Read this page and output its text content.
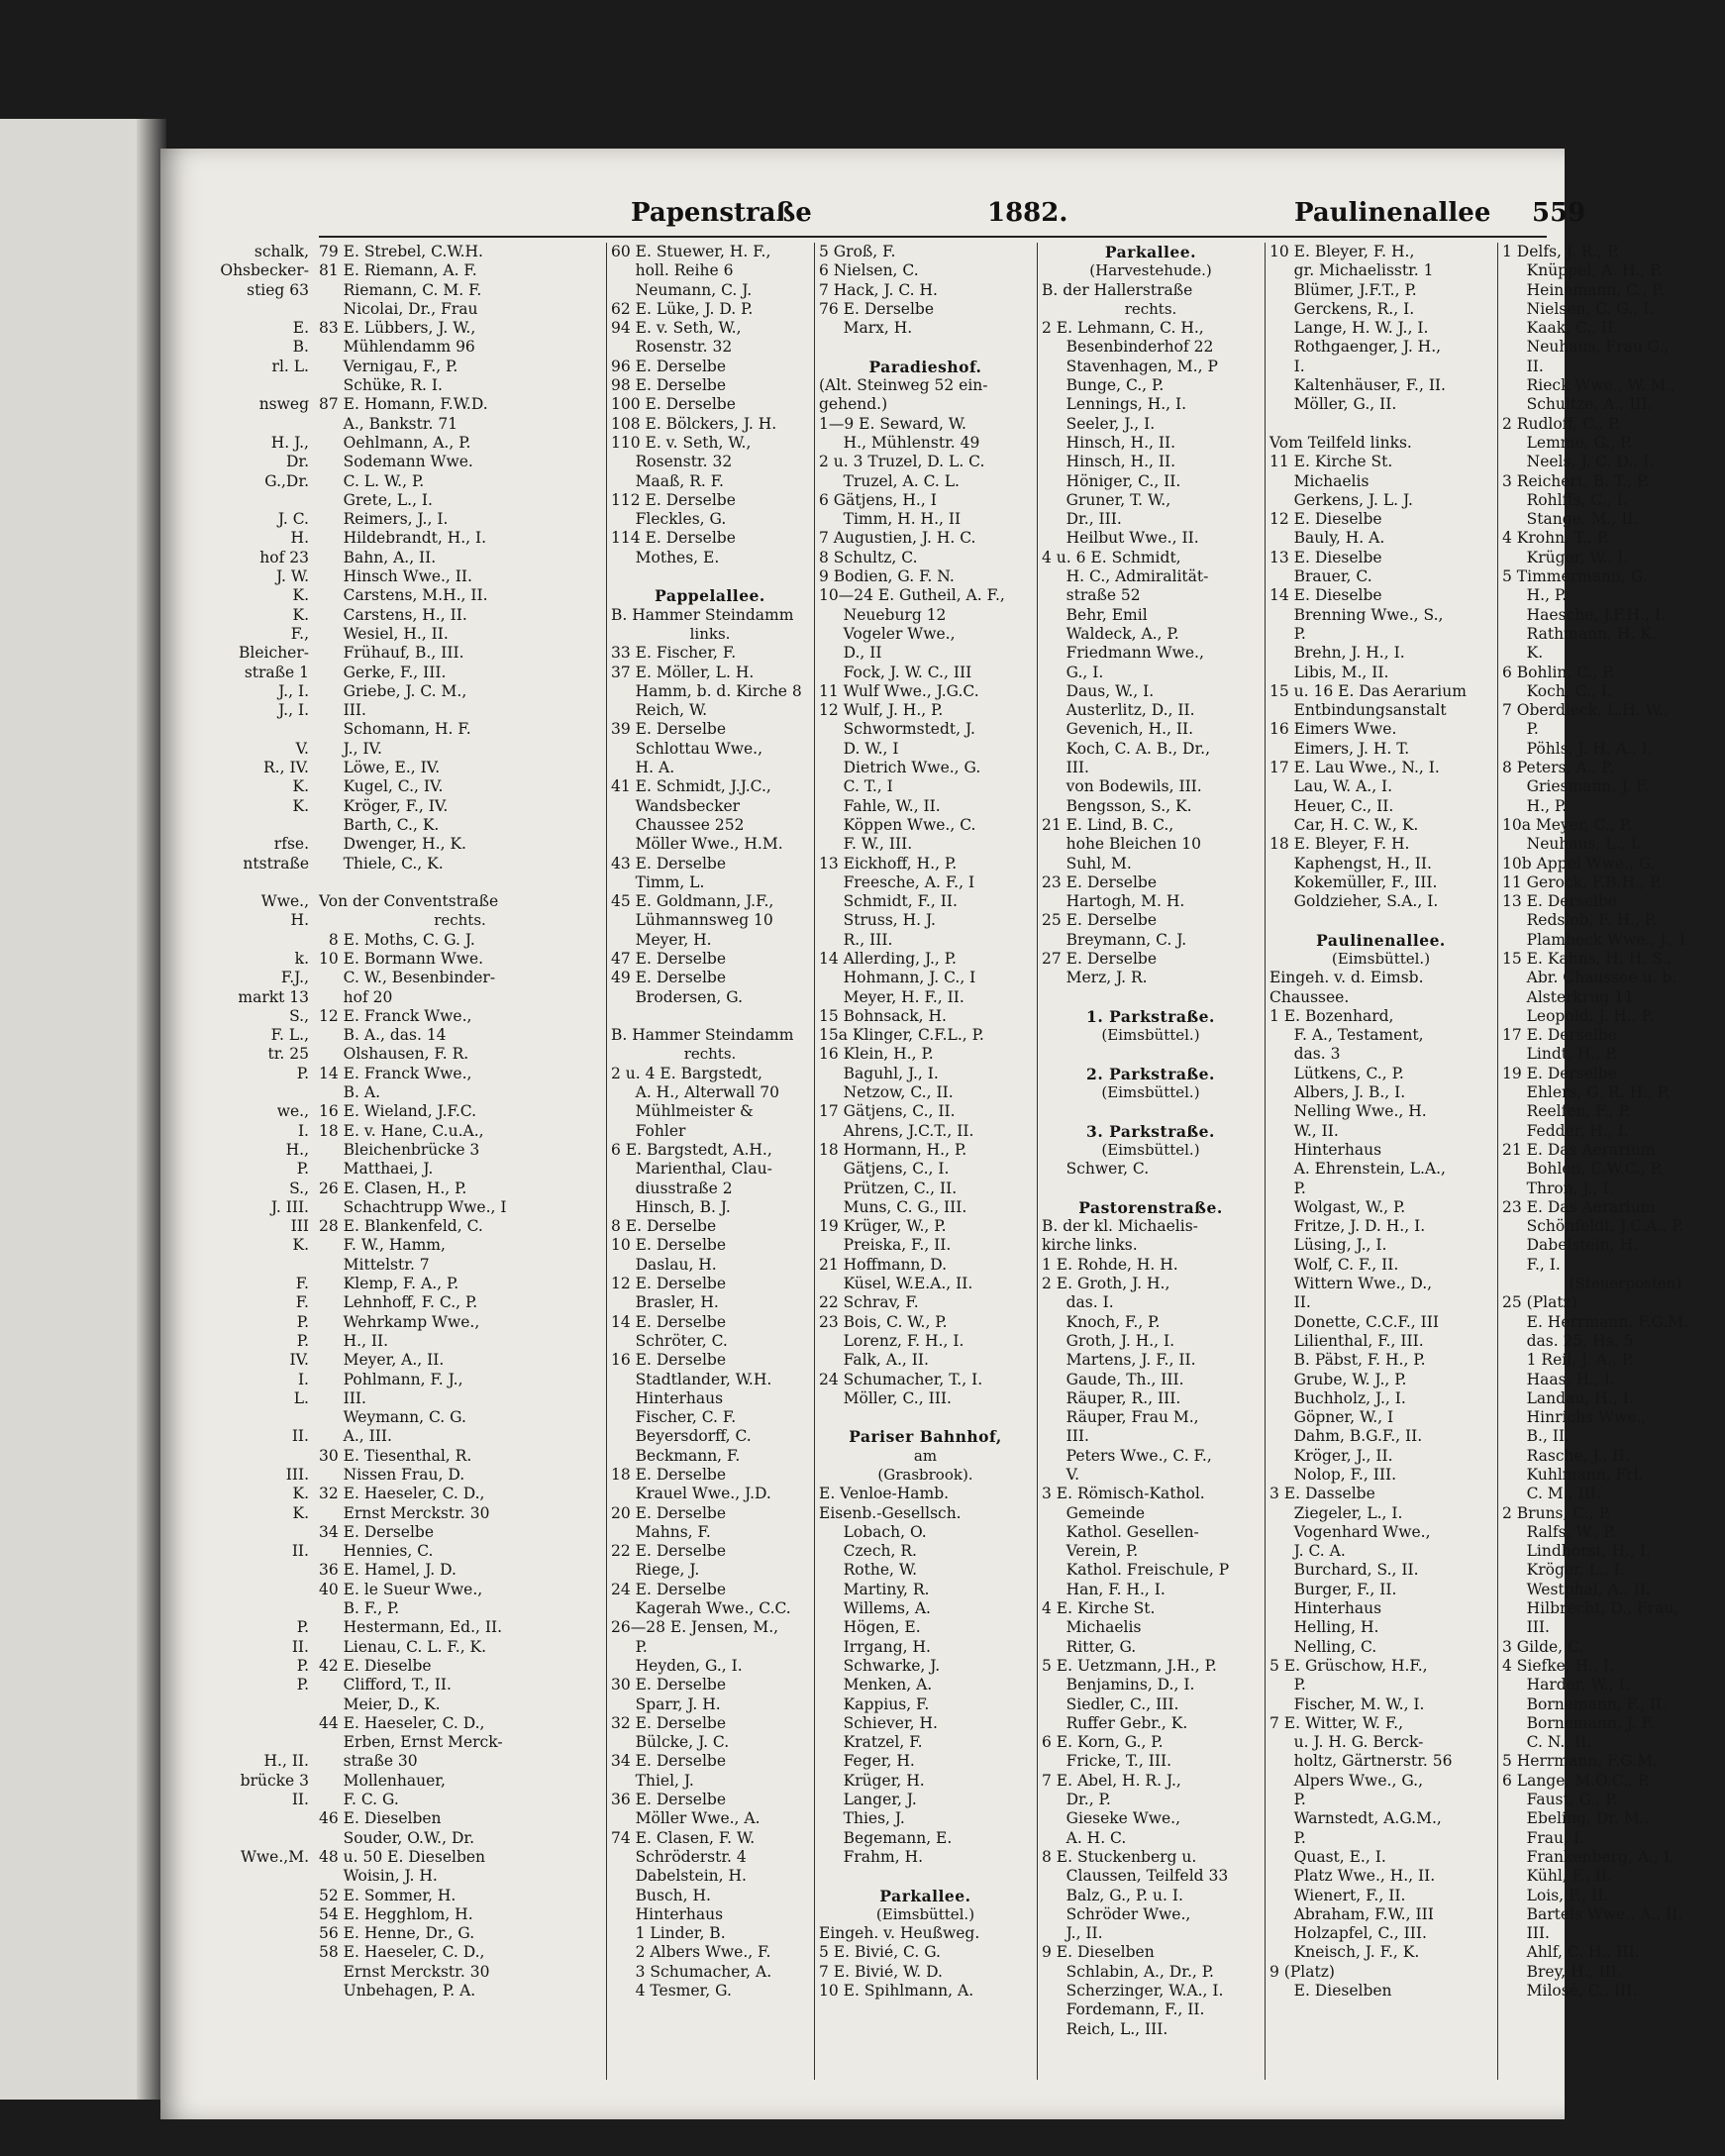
Papenstraße	1882.	Paulinenallee 559
schalk,
Ohsbecker-
stieg 63

E.
B.
rl. L.

nsweg

H. J.,
Dr.
G.,Dr.

J. C.
H.
hof 23
J. W.
K.
K.
F.,
Bleicher-
straße 1
J., I.
J., I.

V.
R., IV.
K.
K.

rfse.
ntstraße

Wwe.,
H.

k.
F.J.,
markt 13
S.,
F. L.,
tr. 25
P.

we.,
I.
H.,
P.
S.,
J. III.
III
K.

F.
F.
P.
P.
IV.
I.
L.

II.

III.
K.
K.

II.

P.
II.
P.
P.

H., II.
brücke 3
II.

Wwe.,M.
79 E. Strebel, C.W.H.
81 E. Riemann, A. F.
Riemann, C. M. F.
Nicolai, Dr., Frau
83 E. Lübbers, J. W.,
Mühlendamm 96
Vernigau, F., P.
Schüke, R. I.
87 E. Homann, F.W.D.
A., Bankstr. 71
Oehlmann, A., P.
Sodemann Wwe.
C. L. W., P.
Grete, L., I.
Reimers, J., I.
Hildebrandt, H., I.
Bahn, A., II.
Hinsch Wwe., II.
Carstens, M.H., II.
Carstens, H., II.
Wesiel, H., II.
Frühauf, B., III.
Gerke, F., III.
Griebe, J. C. M.,
III.
Schomann, H. F.
J., IV.
Löwe, E., IV.
Kugel, C., IV.
Kröger, F., IV.
Barth, C., K.
Dwenger, H., K.
Thiele, C., K.

Von der Conventstraße
rechts.
8 E. Moths, C. G. J.
10 E. Bormann Wwe.
C. W., Besenbinder-
hof 20
12 E. Franck Wwe.,
B. A., das. 14
Olshausen, F. R.
14 E. Franck Wwe.,
B. A.
16 E. Wieland, J.F.C.
18 E. v. Hane, C.u.A.,
Bleichenbrücke 3
Matthaei, J.
26 E. Clasen, H., P.
Schachtrupp Wwe., I
28 E. Blankenfeld, C.
F. W., Hamm,
Mittelstr. 7
Klemp, F. A., P.
Lehnhoff, F. C., P.
Wehrkamp Wwe.,
H., II.
Meyer, A., II.
Pohlmann, F. J.,
III.
Weymann, C. G.
A., III.
30 E. Tiesenthal, R.
Nissen Frau, D.
32 E. Haeseler, C. D.,
Ernst Merckstr. 30
34 E. Derselbe
Hennies, C.
36 E. Hamel, J. D.
40 E. le Sueur Wwe.,
B. F., P.
Hestermann, Ed., II.
Lienau, C. L. F., K.
42 E. Dieselbe
Clifford, T., II.
Meier, D., K.
44 E. Haeseler, C. D.,
Erben, Ernst Merck-
straße 30
Mollenhauer,
F. C. G.
46 E. Dieselben
Souder, O.W., Dr.
48 u. 50 E. Dieselben
Woisin, J. H.
52 E. Sommer, H.
54 E. Hegghlom, H.
56 E. Henne, Dr., G.
58 E. Haeseler, C. D.,
Ernst Merckstr. 30
Unbehagen, P. A.
60 E. Stuewer, H. F.,
holl. Reihe 6
Neumann, C. J.
62 E. Lüke, J. D. P.
94 E. v. Seth, W.,
Rosenstr. 32
96 E. Derselbe
98 E. Derselbe
100 E. Derselbe
108 E. Bölckers, J. H.
110 E. v. Seth, W.,
Rosenstr. 32
Maaß, R. F.
112 E. Derselbe
Fleckles, G.
114 E. Derselbe
Mothes, E.

Pappelallee.
B. Hammer Steindamm
links.
33 E. Fischer, F.
37 E. Möller, L. H.
Hamm, b. d. Kirche 8
Reich, W.
39 E. Derselbe
Schlottau Wwe.,
H. A.
41 E. Schmidt, J.J.C.,
Wandsbecker
Chaussee 252
Möller Wwe., H.M.
43 E. Derselbe
Timm, L.
45 E. Goldmann, J.F.,
Lühmannsweg 10
Meyer, H.
47 E. Derselbe
49 E. Derselbe
Brodersen, G.

B. Hammer Steindamm
rechts.
2 u. 4 E. Bargstedt,
A. H., Alterwall 70
Mühlmeister &
Fohler
6 E. Bargstedt, A.H.,
Marienthal, Clau-
diusstraße 2
Hinsch, B. J.
8 E. Derselbe
10 E. Derselbe
Daslau, H.
12 E. Derselbe
Brasler, H.
14 E. Derselbe
Schröter, C.
16 E. Derselbe
Stadtlander, W.H.
Hinterhaus
Fischer, C. F.
Beyersdorff, C.
Beckmann, F.
18 E. Derselbe
Krauel Wwe., J.D.
20 E. Derselbe
Mahns, F.
22 E. Derselbe
Riege, J.
24 E. Derselbe
Kagerah Wwe., C.C.
26—28 E. Jensen, M.,
P.
Heyden, G., I.
30 E. Derselbe
Sparr, J. H.
32 E. Derselbe
Bülcke, J. C.
34 E. Derselbe
Thiel, J.
36 E. Derselbe
Möller Wwe., A.
74 E. Clasen, F. W.
Schröderstr. 4
Dabelstein, H.
Busch, H.
Hinterhaus
1 Linder, B.
2 Albers Wwe., F.
3 Schumacher, A.
4 Tesmer, G.
5 Groß, F.
6 Nielsen, C.
7 Hack, J. C. H.
76 E. Derselbe
Marx, H.

Paradieshof.
(Alt. Steinweg 52 ein-
gehend.)
1—9 E. Seward, W.
H., Mühlenstr. 49
2 u. 3 Truzel, D. L. C.
Truzel, A. C. L.
6 Gätjens, H., I
Timm, H. H., II
7 Augustien, J. H. C.
8 Schultz, C.
9 Bodien, G. F. N.
10—24 E. Gutheil, A. F.,
Neueburg 12
Vogeler Wwe.,
D., II
Fock, J. W. C., III
11 Wulf Wwe., J.G.C.
12 Wulf, J. H., P.
Schwormstedt, J.
D. W., I
Dietrich Wwe., G.
C. T., I
Fahle, W., II.
Köppen Wwe., C.
F. W., III.
13 Eickhoff, H., P.
Freesche, A. F., I
Schmidt, F., II.
Struss, H. J.
R., III.
14 Allerding, J., P.
Hohmann, J. C., I
Meyer, H. F., II.
15 Bohnsack, H.
15a Klinger, C.F.L., P.
16 Klein, H., P.
Baguhl, J., I.
Netzow, C., II.
17 Gätjens, C., II.
Ahrens, J.C.T., II.
18 Hormann, H., P.
Gätjens, C., I.
Prützen, C., II.
Muns, C. G., III.
19 Krüger, W., P.
Preiska, F., II.
21 Hoffmann, D.
Küsel, W.E.A., II.
22 Schrav, F.
23 Bois, C. W., P.
Lorenz, F. H., I.
Falk, A., II.
24 Schumacher, T., I.
Möller, C., III.

Pariser Bahnhof,
am
(Grasbrook).
E. Venloe-Hamb.
Eisenb.-Gesellsch.
Lobach, O.
Czech, R.
Rothe, W.
Martiny, R.
Willems, A.
Högen, E.
Irrgang, H.
Schwarke, J.
Menken, A.
Kappius, F.
Schiever, H.
Kratzel, F.
Feger, H.
Krüger, H.
Langer, J.
Thies, J.
Begemann, E.
Frahm, H.

Parkallee.
(Eimsbüttel.)
Eingeh. v. Heußweg.
5 E. Bivié, C. G.
7 E. Bivié, W. D.
10 E. Spihlmann, A.
Parkallee.
(Harvestehude.)
B. der Hallerstraße
rechts.
2 E. Lehmann, C. H.,
Besenbinderhof 22
Stavenhagen, M., P
Bunge, C., P.
Lennings, H., I.
Seeler, J., I.
Hinsch, H., II.
Hinsch, H., II.
Höniger, C., II.
Gruner, T. W.,
Dr., III.
Heilbut Wwe., II.
4 u. 6 E. Schmidt,
H. C., Admiralität-
straße 52
Behr, Emil
Waldeck, A., P.
Friedmann Wwe.,
G., I.
Daus, W., I.
Austerlitz, D., II.
Gevenich, H., II.
Koch, C. A. B., Dr.,
III.
von Bodewils, III.
Bengsson, S., K.
21 E. Lind, B. C.,
hohe Bleichen 10
Suhl, M.
23 E. Derselbe
Hartogh, M. H.
25 E. Derselbe
Breymann, C. J.
27 E. Derselbe
Merz, J. R.

1. Parkstraße.
(Eimsbüttel.)

2. Parkstraße.
(Eimsbüttel.)

3. Parkstraße.
(Eimsbüttel.)
Schwer, C.

Pastorenstraße.
B. der kl. Michaelis-
kirche links.
1 E. Rohde, H. H.
2 E. Groth, J. H.,
das. I.
Knoch, F., P.
Groth, J. H., I.
Martens, J. F., II.
Gaude, Th., III.
Räuper, R., III.
Räuper, Frau M.,
III.
Peters Wwe., C. F.,
V.
3 E. Römisch-Kathol.
Gemeinde
Kathol. Gesellen-
Verein, P.
Kathol. Freischule, P
Han, F. H., I.
4 E. Kirche St.
Michaelis
Ritter, G.
5 E. Uetzmann, J.H., P.
Benjamins, D., I.
Siedler, C., III.
Ruffer Gebr., K.
6 E. Korn, G., P.
Fricke, T., III.
7 E. Abel, H. R. J.,
Dr., P.
Gieseke Wwe.,
A. H. C.
8 E. Stuckenberg u.
Claussen, Teilfeld 33
Balz, G., P. u. I.
Schröder Wwe.,
J., II.
9 E. Dieselben
Schlabin, A., Dr., P.
Scherzinger, W.A., I.
Fordemann, F., II.
Reich, L., III.
10 E. Bleyer, F. H.,
gr. Michaelisstr. 1
Blümer, J.F.T., P.
Gerckens, R., I.
Lange, H. W. J., I.
Rothgaenger, J. H.,
I.
Kaltenhäuser, F., II.
Möller, G., II.

Vom Teilfeld links.
11 E. Kirche St.
Michaelis
Gerkens, J. L. J.
12 E. Dieselbe
Bauly, H. A.
13 E. Dieselbe
Brauer, C.
14 E. Dieselbe
Brenning Wwe., S.,
P.
Brehn, J. H., I.
Libis, M., II.
15 u. 16 E. Das Aerarium
Entbindungsanstalt
16 Eimers Wwe.
Eimers, J. H. T.
17 E. Lau Wwe., N., I.
Lau, W. A., I.
Heuer, C., II.
Car, H. C. W., K.
18 E. Bleyer, F. H.
Kaphengst, H., II.
Kokemüller, F., III.
Goldzieher, S.A., I.

Paulinenallee.
(Eimsbüttel.)
Eingeh. v. d. Eimsb.
Chaussee.
1 E. Bozenhard,
F. A., Testament,
das. 3
Lütkens, C., P.
Albers, J. B., I.
Nelling Wwe., H.
W., II.
Hinterhaus
A. Ehrenstein, L.A.,
P.
Wolgast, W., P.
Fritze, J. D. H., I.
Lüsing, J., I.
Wolf, C. F., II.
Wittern Wwe., D.,
II.
Donette, C.C.F., III
Lilienthal, F., III.
B. Päbst, F. H., P.
Grube, W. J., P.
Buchholz, J., I.
Göpner, W., I
Dahm, B.G.F., II.
Kröger, J., II.
Nolop, F., III.
3 E. Dasselbe
Ziegeler, L., I.
Vogenhard Wwe.,
J. C. A.
Burchard, S., II.
Burger, F., II.
Hinterhaus
Helling, H.
Nelling, C.
5 E. Grüschow, H.F.,
P.
Fischer, M. W., I.
7 E. Witter, W. F.,
u. J. H. G. Berck-
holtz, Gärtnerstr. 56
Alpers Wwe., G.,
P.
Warnstedt, A.G.M.,
P.
Quast, E., I.
Platz Wwe., H., II.
Wienert, F., II.
Abraham, F.W., III
Holzapfel, C., III.
Kneisch, J. F., K.
9 (Platz)
E. Dieselben
1 Delfs, J. R., P.
Knüppel, A. H., P.
Heinemann, C., P.
Nielsen, C. G., I.
Kaak, C., II.
Neuhaus, Frau G.,
II.
Rieck Wwe., W. M.,
Schultze, A., III.
2 Rudloff, C., P.
Lemme, G., P.
Neels, J. C. D., I.
3 Reichert, B. T., P.
Rohlffs, C., I.
Stange, M., II.
4 Krohn, T., P.
Krüger, W., I.
5 Timmermann, G.
H., P.
Haesche, J.F.H., I.
Rathmann, H. K.
K.
6 Bohlin, C., P.
Koch, C., I.
7 Oberdieck, L.H. W.,
P.
Pöhls, J. H. A., I.
8 Peters, A., P.
Griesmann, J. F.
H., P.
10a Meyer, C., P.
Neuhaus, L., I.
10b Appel Wwe., G.
11 Gerock, F.B.H., P.
13 E. Derselbe
Redslob, F. H., P.
Plambeck Wwe., J., I
15 E. Kahns, H. H. S.,
Abr. Chaussee u. b.
Alsterkrug 11
Leopold, J. H., P.
17 E. Derselbe
Lindt, H., P.
19 E. Derselbe
Ehlers, G. R. H., P.
Reelfen, F., P.
Fedder, H., I.
21 E. Das Aerarium
Bohlen, C.W.C., P.
Thron, J., I.
23 E. Das Aerarium
Schönfeldt, J.C.A., P.
Dabelstein, H.
F., I.
(Steuerposten)
25 (Platz)
E. Herrmann, F.G.M.
das. 25, Hs. 5
1 Reil, J. A., P.
Haas, H., I.
Landau, H., I.
Hinrichs Wwe.,
B., II.
Rasche, J., II.
Kuhlmann, Frl.
C. M., III.
2 Bruns, C., P.
Ralfs, W., P.
Lindhorst, H., I.
Kröger, L., I.
Westphal, A., II.
Hilbrecht, D., Frau,
III.
3 Gilde, C.
4 Siefke, H., I.
Harder, W., I.
Bornemann, F., II.
Bornemann, J. F.
C. N., II.
5 Herrmann, F.G.M.
6 Lange, M.O.C., P.
Faust, G., P.
Ebeling, Dr. M.,
Frau, I.
Frankenberg, A., I.
Kühl, F., II.
Lois, F., II.
Bartels Wwe., A., II.
III.
Ahlf, C. H., III.
Brey, H., III.
Milosé, C., III.
